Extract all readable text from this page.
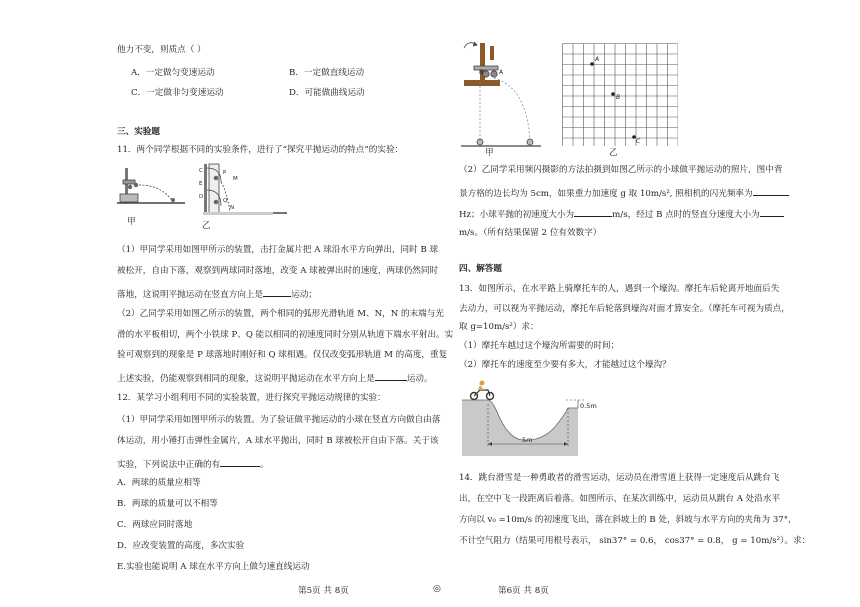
他力不变，则质点（ ）
A．一定做匀变速运动	B．一定做直线运动
C．一定做非匀变速运动	D．可能做曲线运动
三、实验题
11．两个同学根据不同的实验条件，进行了“探究平抛运动的特点”的实验：
C	P
M
E
D
Q
N
甲	乙
（1）甲同学采用如图甲所示的装置，击打金属片把 A 球沿水平方向弹出，同时 B 球
被松开，自由下落，观察到两球同时落地，改变 A 球被弹出时的速度，两球仍然同时
落地，这说明平抛运动在竖直方向上是	运动；
（2）乙同学采用如图乙所示的装置，两个相同的弧形光滑轨道 M、N，N 的末端与光
滑的水平板相切，两个小铁球 P、Q 能以相同的初速度同时分别从轨道下端水平射出。实
验可观察到的现象是 P 球落地时刚好和 Q 球相遇。仅仅改变弧形轨道 M 的高度，重复
上述实验，仍能观察到相同的现象，这说明平抛运动在水平方向上是	运动。
12．某学习小组利用不同的实验装置，进行探究平抛运动规律的实验：
（1）甲同学采用如图甲所示的装置。为了验证做平抛运动的小球在竖直方向做自由落
体运动，用小锤打击弹性金属片，A 球水平抛出，同时 B 球被松开自由下落。关于该
实验，下列说法中正确的有	。
A．两球的质量应相等
B．两球的质量可以不相等
C．两球应同时落地
D．应改变装置的高度，多次实验
E.实验也能说明 A 球在水平方向上做匀速直线运动
第5页 共 8页	◎
B	A
甲
A
B
C
乙
（2）乙同学采用频闪摄影的方法拍摄到如图乙所示的小球做平抛运动的照片，图中背
景方格的边长均为 5cm，如果重力加速度 g 取 10m/s², 照相机的闪光频率为
Hz；小球平抛的初速度大小为	m/s，经过 B 点时的竖直分速度大小为
m/s。（所有结果保留 2 位有效数字）
四、解答题
13．如图所示，在水平路上骑摩托车的人，遇到一个壕沟。摩托车后轮离开地面后失
去动力，可以视为平抛运动，摩托车后轮落到壕沟对面才算安全。（摩托车可视为质点，
取 g=10m/s²）求：
（1）摩托车越过这个壕沟所需要的时间；
（2）摩托车的速度至少要有多大，才能越过这个壕沟？
0.5m
5m
14．跳台滑雪是一种勇敢者的滑雪运动，运动员在滑雪道上获得一定速度后从跳台飞
出，在空中飞一段距离后着落。如图所示，在某次训练中，运动员从跳台 A 处沿水平
方向以 v₀ =10m/s 的初速度飞出，落在斜坡上的 B 处，斜坡与水平方向的夹角为 37°，
不计空气阻力（结果可用根号表示， sin37° = 0.6， cos37° = 0.8， g = 10m/s²）。求：
第6页 共 8页
